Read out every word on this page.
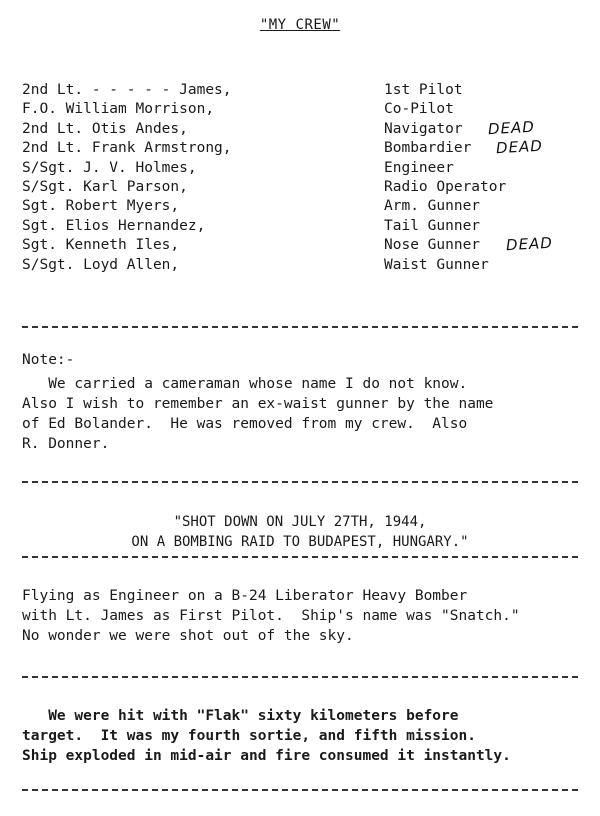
"MY CREW"
2nd Lt. - - - - - James,	1st Pilot
F.O. William Morrison,	Co-Pilot
2nd Lt. Otis Andes,	Navigator DEAD
2nd Lt. Frank Armstrong,	Bombardier DEAD
S/Sgt. J. V. Holmes,	Engineer
S/Sgt. Karl Parson,	Radio Operator
Sgt. Robert Myers,	Arm. Gunner
Sgt. Elios Hernandez,	Tail Gunner
Sgt. Kenneth Iles,	Nose Gunner DEAD
S/Sgt. Loyd Allen,	Waist Gunner
Note:-
We carried a cameraman whose name I do not know.
Also I wish to remember an ex-waist gunner by the name
of Ed Bolander.  He was removed from my crew.  Also
R. Donner.
"SHOT DOWN ON JULY 27TH, 1944,
ON A BOMBING RAID TO BUDAPEST, HUNGARY."
Flying as Engineer on a B-24 Liberator Heavy Bomber
with Lt. James as First Pilot.  Ship's name was "Snatch."
No wonder we were shot out of the sky.
We were hit with "Flak" sixty kilometers before
target.  It was my fourth sortie, and fifth mission.
Ship exploded in mid-air and fire consumed it instantly.
